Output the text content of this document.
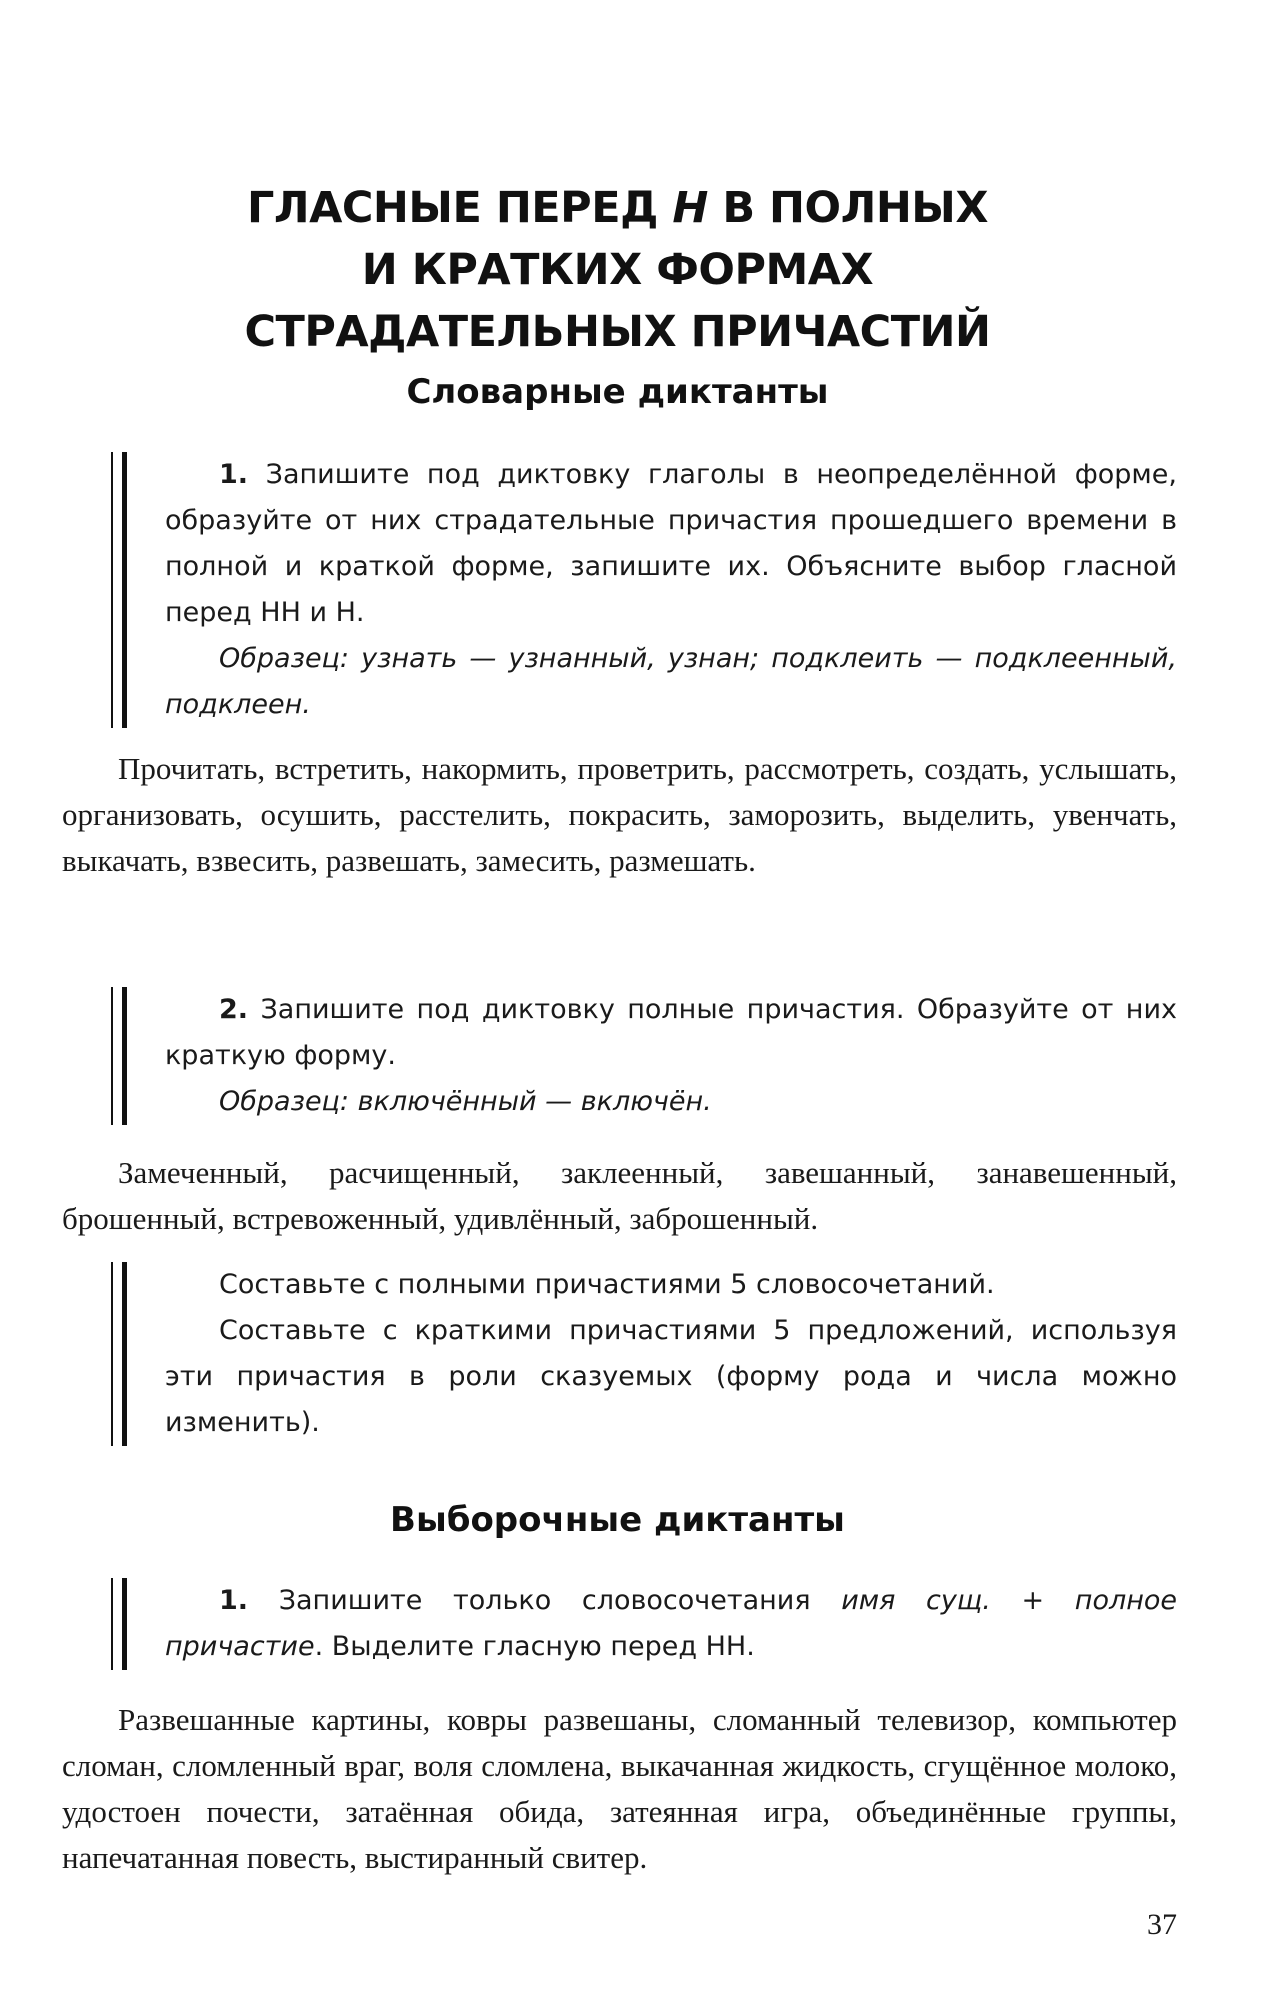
ГЛАСНЫЕ ПЕРЕД Н В ПОЛНЫХ
И КРАТКИХ ФОРМАХ
СТРАДАТЕЛЬНЫХ ПРИЧАСТИЙ
Словарные диктанты

1. Запишите под диктовку глаголы в неопределённой форме, образуйте от них страдательные причастия прошедшего времени в полной и краткой форме, запишите их. Объясните выбор гласной перед НН и Н.

Образец: узнать — узнанный, узнан; подклеить — подклеенный, подклеен.

Прочитать, встретить, накормить, проветрить, рассмотреть, создать, услышать, организовать, осушить, расстелить, покрасить, заморозить, выделить, увенчать, выкачать, взвесить, развешать, замесить, размешать.

2. Запишите под диктовку полные причастия. Образуйте от них краткую форму.

Образец: включённый — включён.

Замеченный, расчищенный, заклеенный, завешанный, занавешенный, брошенный, встревоженный, удивлённый, заброшенный.

Составьте с полными причастиями 5 словосочетаний.

Составьте с краткими причастиями 5 предложений, используя эти причастия в роли сказуемых (форму рода и числа можно изменить).

Выборочные диктанты

1. Запишите только словосочетания имя сущ. + полное причастие. Выделите гласную перед НН.

Развешанные картины, ковры развешаны, сломанный телевизор, компьютер сломан, сломленный враг, воля сломлена, выкачанная жидкость, сгущённое молоко, удостоен почести, затаённая обида, затеянная игра, объединённые группы, напечатанная повесть, выстиранный свитер.

37
